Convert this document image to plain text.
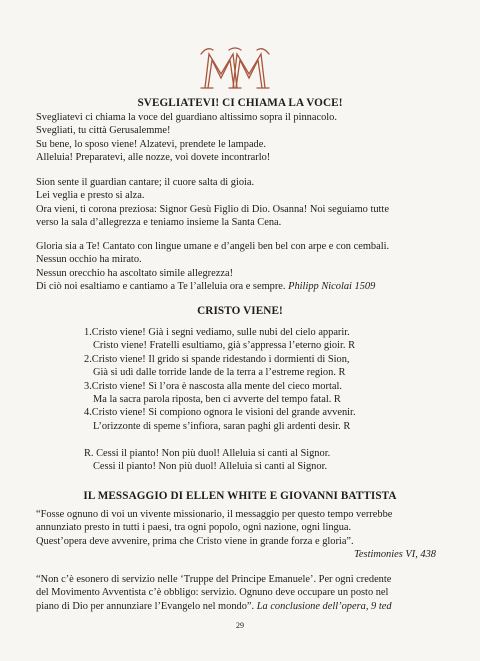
SVEGLIATEVI! CI CHIAMA LA VOCE!

Svegliatevi ci chiama la voce del guardiano altissimo sopra il pinnacolo.

Svegliati, tu città Gerusalemme!

Su bene, lo sposo viene! Alzatevi, prendete le lampade.

Alleluia! Preparatevi, alle nozze, voi dovete incontrarlo!

Sion sente il guardian cantare; il cuore salta di gioia.

Lei veglia e presto si alza.

Ora vieni, ti corona preziosa: Signor Gesù Figlio di Dio. Osanna! Noi seguiamo tutte

verso la sala d’allegrezza e teniamo insieme la Santa Cena.

Gloria sia a Te! Cantato con lingue umane e d’angeli ben bel con arpe e con cembali.

Nessun occhio ha mirato.

Nessun orecchio ha ascoltato simile allegrezza!

Di ciò noi esaltiamo e cantiamo a Te l’alleluia ora e sempre. Philipp Nicolai 1509

CRISTO VIENE!

1.Cristo viene! Già i segni vediamo, sulle nubi del cielo apparir.

Cristo viene! Fratelli esultiamo, già s’appressa l’eterno gioir. R

2.Cristo viene! Il grido si spande ridestando i dormienti di Sion,

Già si udì dalle torride lande de la terra a l’estreme region. R

3.Cristo viene! Sì l’ora è nascosta alla mente del cieco mortal.

Ma la sacra parola riposta, ben ci avverte del tempo fatal. R

4.Cristo viene! Si compiono ognora le visioni del grande avvenir.

L’orizzonte di speme s’infiora, saran paghi gli ardenti desir. R

R. Cessi il pianto! Non più duol! Alleluia si canti al Signor.

Cessi il pianto! Non più duol! Alleluia si canti al Signor.

IL MESSAGGIO DI ELLEN WHITE E GIOVANNI BATTISTA

“Fosse ognuno di voi un vivente missionario, il messaggio per questo tempo verrebbe

annunziato presto in tutti i paesi, tra ogni popolo, ogni nazione, ogni lingua.

Quest’opera deve avvenire, prima che Cristo viene in grande forza e gloria”.

Testimonies VI, 438

“Non c’è esonero di servizio nelle ‘Truppe del Principe Emanuele’. Per ogni credente

del Movimento Avventista c’è obbligo: servizio. Ognuno deve occupare un posto nel

piano di Dio per annunziare l’Evangelo nel mondo”. La conclusione dell’opera, 9 ted

29
